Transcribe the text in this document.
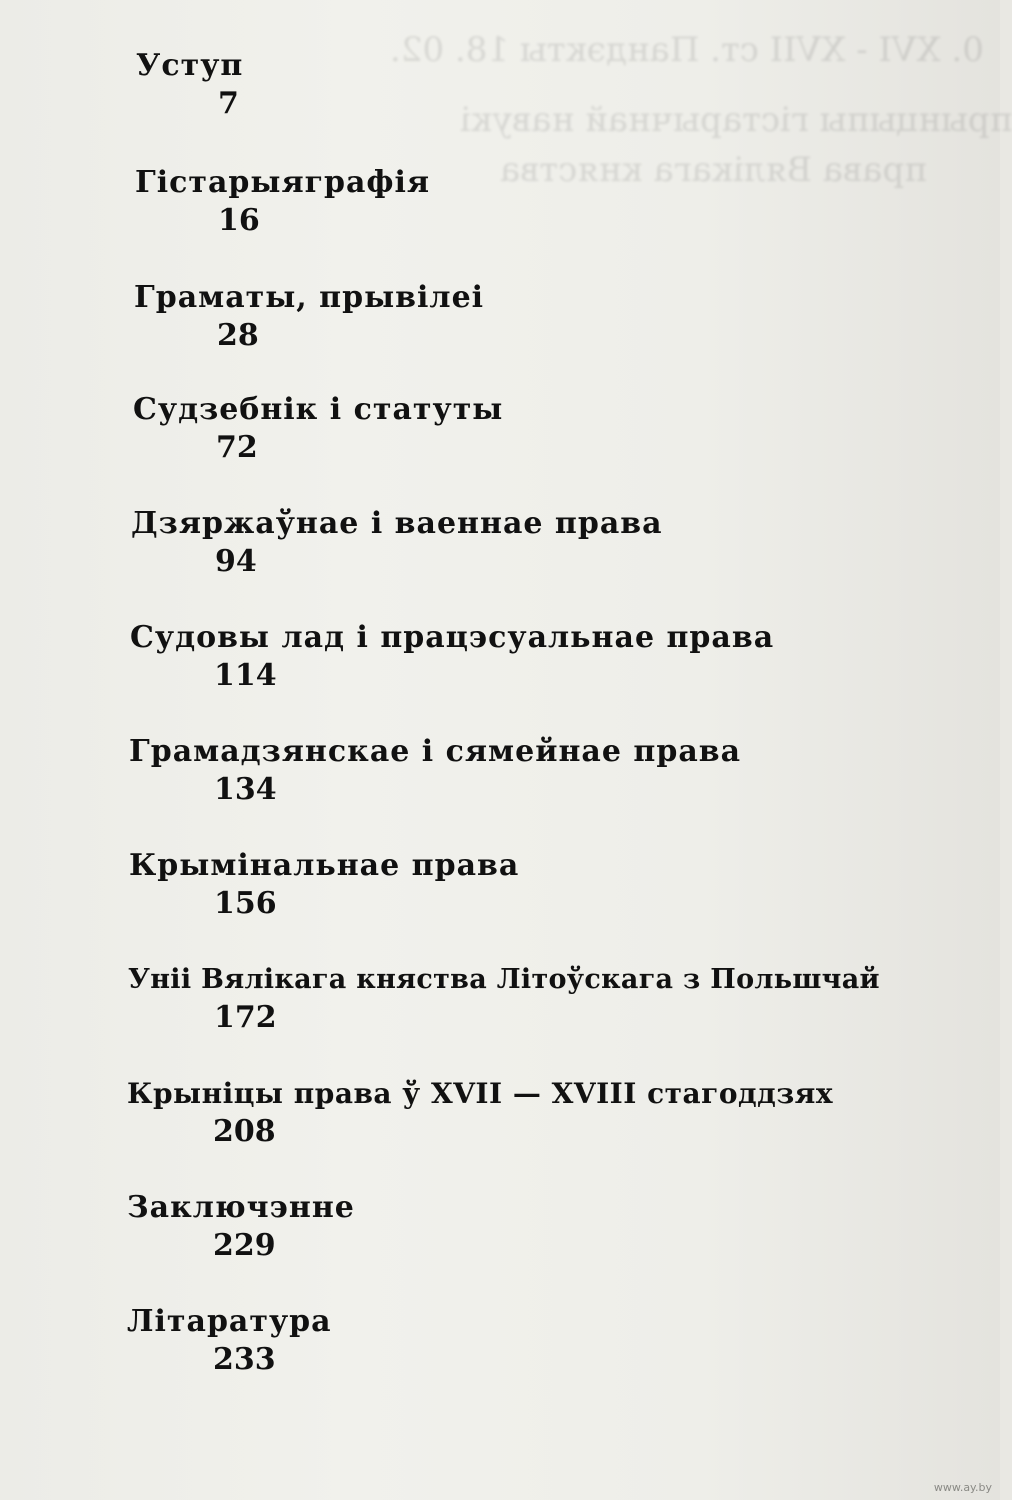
0. XVI - XVII ст. Пандэкты 18. 02.
прынцыпы гістарычнай навукі
права Вялікага княства
Уступ
7
Гістарыяграфія
16
Граматы, прывілеі
28
Судзебнік і статуты
72
Дзяржаўнае і ваеннае права
94
Судовы лад і працэсуальнае права
114
Грамадзянскае і сямейнае права
134
Крымінальнае права
156
Уніі Вялікага княства Літоўскага з Польшчай
172
Крыніцы права ў XVII — XVIII стагоддзях
208
Заключэнне
229
Літаратура
233
www.ay.by
